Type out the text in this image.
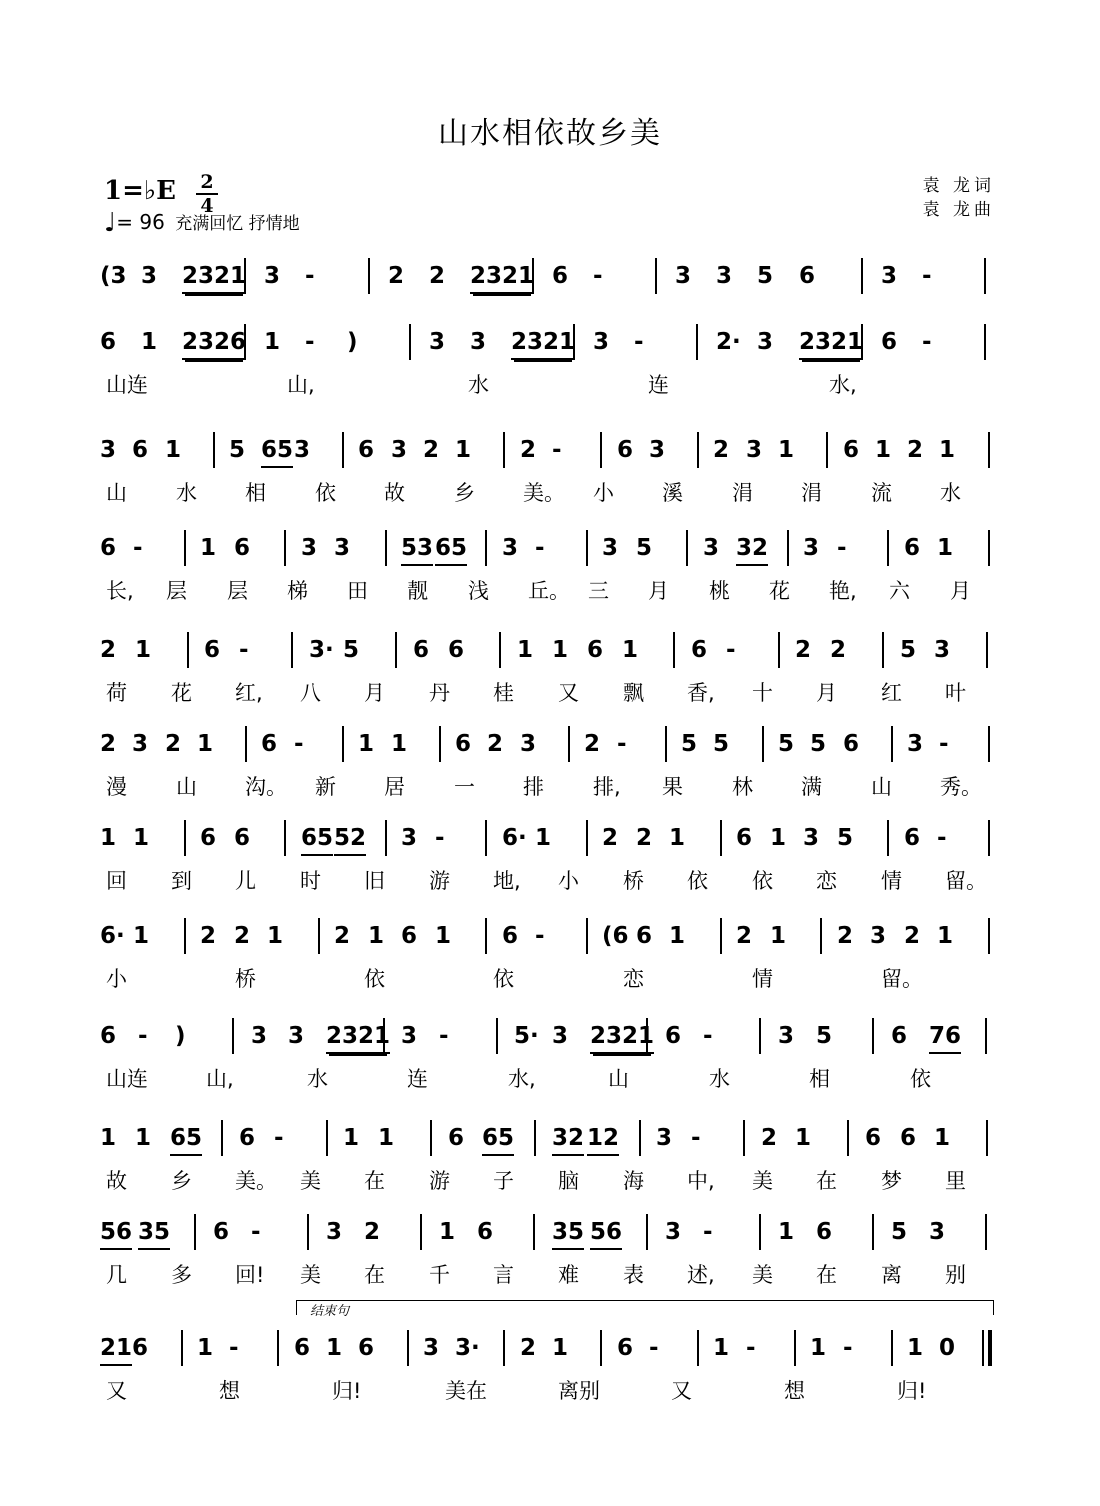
山水相依故乡美
1=♭E 2
4
♩= 96 充满回忆 抒情地
袁 龙词
袁 龙曲
结束句
(3 3 2321 3 -	2 2 2321 6 -	3 3 5 6	3 -
6 1 2326 1 - )	3 3 2321 3 -	2· 3 2321 6 -
山连	山,	水	连	水,
3 6 1 5 65 3 6 3 2 1 2 - 6 3 2 3 1 6 1 2 1
山 水 相 依 故 乡 美。 小 溪 涓 涓 流 水
6 - 1 6 3 3 53 65 3 - 3 5 3 32 3 - 6 1
长, 层 层 梯 田 靓 浅 丘。 三 月 桃 花 艳, 六 月
2 1 6 -	3· 5 6 6 1 1 6 1 6 -	2 2 5 3
荷 花 红, 八 月 丹 桂 又 飘 香, 十 月 红 叶
2 3 2 1 6 - 1 1 6 2 3 2 - 5 5 5 5 6 3 -
漫 山 沟。 新 居 一 排 排, 果 林 满 山 秀。
1 1 6 6 65 52 3 - 6· 1 2 2 1 6 1 3 5 6 -
回 到 儿 时 旧 游 地, 小 桥 依 依 恋 情 留。
6· 1 2 2 1 2 1 6 1 6 - (6 6 1 2 1 2 3 2 1
小	桥	依	依	恋	情	留。
6 - )	3 3 2321 3 -	5· 3 2321 6 -	3 5	6 76
山连	山,	水	连	水,	山	水	相	依
1 1 65 6 -	1 1 6 65 32 12 3 -	2 1 6 6 1
故 乡 美。 美 在 游 子 脑 海 中, 美 在 梦 里
56 35 6 -	3 2	1 6	35 56 3 -	1 6	5 3
几 多 回! 美 在 千 言 难 表 述, 美 在 离 别
21 6 1 - 6 1 6 3 3· 2 1 6 - 1 - 1 - 1 0
又	想	归!	美在	离别	又	想	归!
